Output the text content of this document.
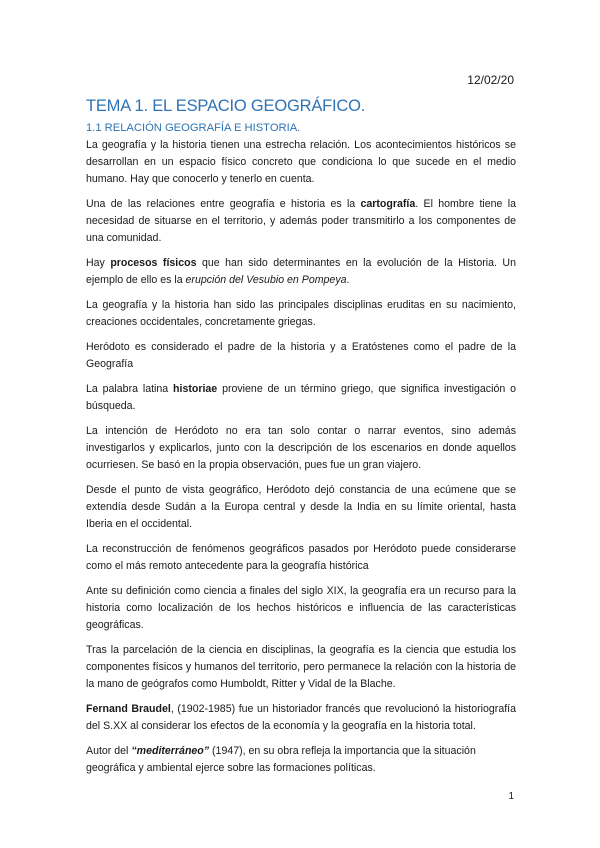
12/02/20
TEMA 1. EL ESPACIO GEOGRÁFICO.
1.1 RELACIÓN GEOGRAFÍA E HISTORIA.

La geografía y la historia tienen una estrecha relación. Los acontecimientos históricos se desarrollan en un espacio físico concreto que condiciona lo que sucede en el medio humano. Hay que conocerlo y tenerlo en cuenta.

Una de las relaciones entre geografía e historia es la cartografía. El hombre tiene la necesidad de situarse en el territorio, y además poder transmitirlo a los componentes de una comunidad.

Hay procesos físicos que han sido determinantes en la evolución de la Historia. Un ejemplo de ello es la erupción del Vesubio en Pompeya.

La geografía y la historia han sido las principales disciplinas eruditas en su nacimiento, creaciones occidentales, concretamente griegas.

Heródoto es considerado el padre de la historia y a Eratóstenes como el padre de la Geografía

La palabra latina historiae proviene de un término griego, que significa investigación o búsqueda.

La intención de Heródoto no era tan solo contar o narrar eventos, sino además investigarlos y explicarlos, junto con la descripción de los escenarios en donde aquellos ocurriesen. Se basó en la propia observación, pues fue un gran viajero.

Desde el punto de vista geográfico, Heródoto dejó constancia de una ecúmene que se extendía desde Sudán a la Europa central y desde la India en su límite oriental, hasta Iberia en el occidental.

La reconstrucción de fenómenos geográficos pasados por Heródoto puede considerarse como el más remoto antecedente para la geografía histórica

Ante su definición como ciencia a finales del siglo XIX, la geografía era un recurso para la historia como localización de los hechos históricos e influencia de las características geográficas.

Tras la parcelación de la ciencia en disciplinas, la geografía es la ciencia que estudia los componentes físicos y humanos del territorio, pero permanece la relación con la historia de la mano de geógrafos como Humboldt, Ritter y Vidal de la Blache.

Fernand Braudel, (1902-1985) fue un historiador francés que revolucionó la historiografía del S.XX al considerar los efectos de la economía y la geografía en la historia total.

Autor del “mediterráneo” (1947), en su obra refleja la importancia que la situación geográfica y ambiental ejerce sobre las formaciones políticas.

1
